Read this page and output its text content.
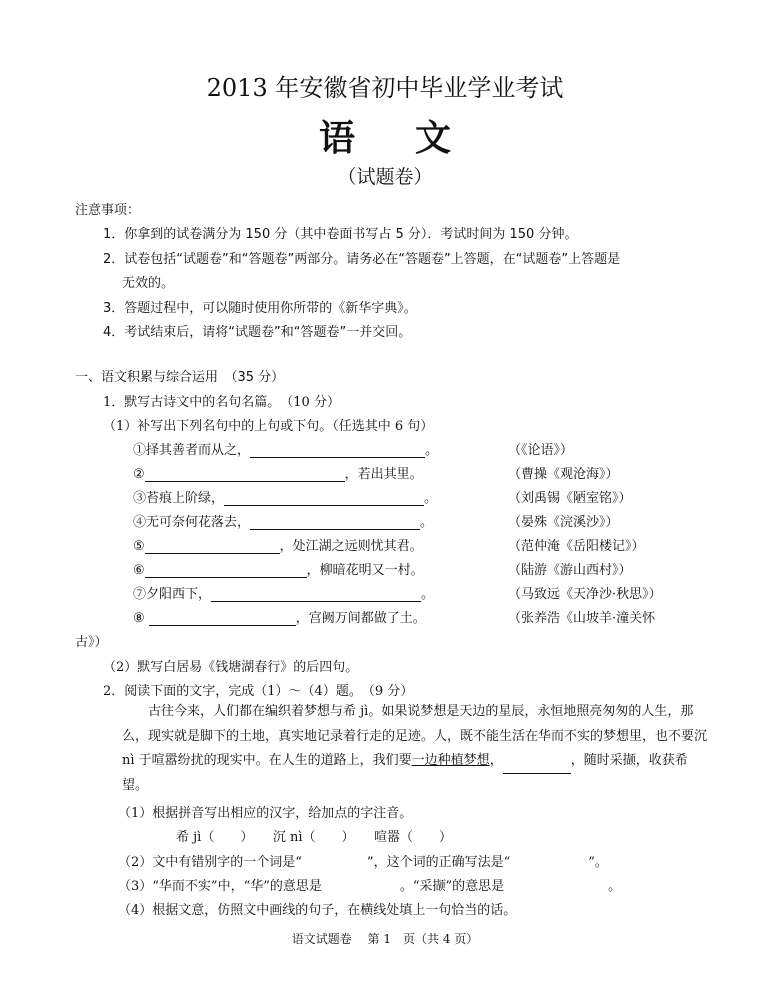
2013 年安徽省初中毕业学业考试
语文
（试题卷）
注意事项：
1．你拿到的试卷满分为 150 分（其中卷面书写占 5 分）．考试时间为 150 分钟。
2．试卷包括“试题卷”和“答题卷”两部分。请务必在“答题卷”上答题，在“试题卷”上答题是
无效的。
3．答题过程中，可以随时使用你所带的《新华字典》。
4．考试结束后，请将“试题卷”和“答题卷”一并交回。
一、语文积累与综合运用　（35 分）
1．默写古诗文中的名句名篇。　（10 分）
（1）补写出下列名句中的上句或下句。（任选其中 6 句）
①择其善者而从之，	。	（《论语》）
②	，若出其里。	（曹操《观沧海》）
③苔痕上阶绿，	。	（刘禹锡《陋室铭》）
④无可奈何花落去，	。	（晏殊《浣溪沙》）
⑤	，处江湖之远则忧其君。	（范仲淹《岳阳楼记》）
⑥	，柳暗花明又一村。	（陆游《游山西村》）
⑦夕阳西下，	。	（马致远《天净沙·秋思》）
⑧	，宫阙万间都做了土。	（张养浩《山坡羊·潼关怀
古》）
（2）默写白居易《钱塘湖春行》的后四句。
2．阅读下面的文字，完成（1）～（4）题。　（9 分）
古往今来，人们都在编织着梦想与希 jì。如果说梦想是天边的星辰，永恒地照亮匆匆的人生，那么，现实就是脚下的土地，真实地记录着行走的足迹。人，既不能生活在华而不实的梦想里，也不要沉 nì 于喧嚣纷扰的现实中。在人生的道路上，我们要一边种植梦想，	，随时采撷，收获希望。
（1）根据拼音写出相应的汉字，给加点的字注音。
希 jì（　　）　　沉 nì（　　）　　喧嚣（　　）
（2）文中有错别字的一个词是“　　　　　”，这个词的正确写法是“　　　　　　”。
（3）“华而不实”中，“华”的意思是　　　　　　。“采撷”的意思是　　　　　　　　。
（4）根据文意，仿照文中画线的句子，在横线处填上一句恰当的话。
语文试题卷　 第 1　页（共 4 页）
